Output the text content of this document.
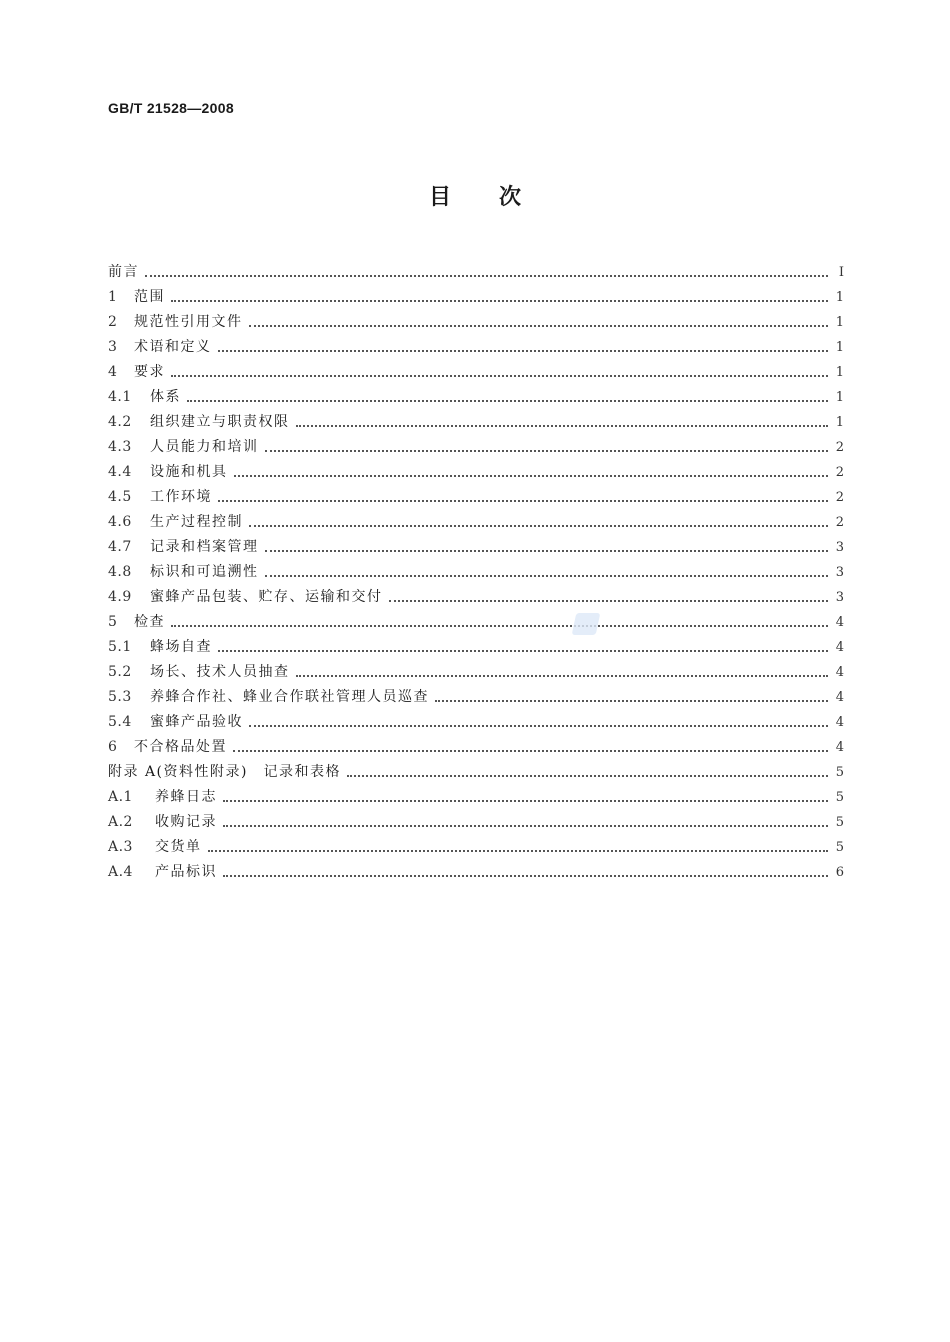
GB/T 21528—2008
目次
前言	Ⅰ
1	范围	1
2	规范性引用文件	1
3	术语和定义	1
4	要求	1
4.1	体系	1
4.2	组织建立与职责权限	1
4.3	人员能力和培训	2
4.4	设施和机具	2
4.5	工作环境	2
4.6	生产过程控制	2
4.7	记录和档案管理	3
4.8	标识和可追溯性	3
4.9	蜜蜂产品包装、贮存、运输和交付	3
5	检查	4
5.1	蜂场自查	4
5.2	场长、技术人员抽查	4
5.3	养蜂合作社、蜂业合作联社管理人员巡查	4
5.4	蜜蜂产品验收	4
6	不合格品处置	4
附录 A(资料性附录)　记录和表格	5
A.1	养蜂日志	5
A.2	收购记录	5
A.3	交货单	5
A.4	产品标识	6
